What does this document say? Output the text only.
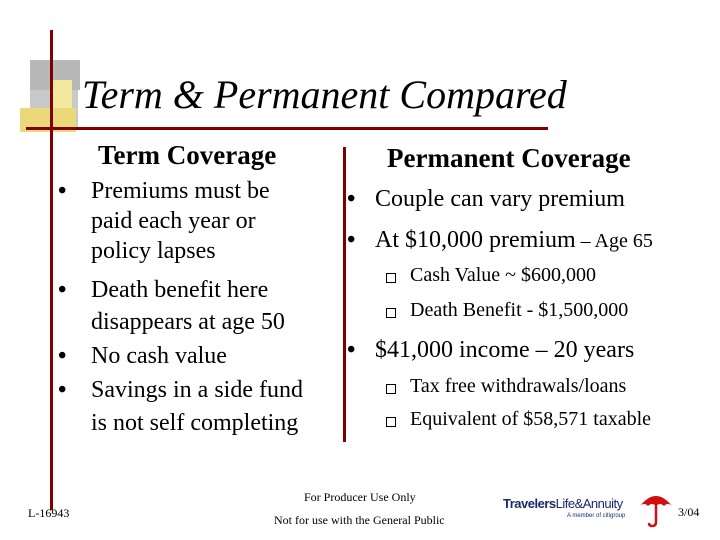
Term & Permanent Compared
Term Coverage
•	Premiums must be
paid each year or
policy lapses
•	Death benefit here
disappears at age 50
•	No cash value
•	Savings in a side fund
is not self completing
Permanent Coverage
• Couple can vary premium
• At $10,000 premium – Age 65
Cash Value ~ $600,000
Death Benefit - $1,500,000
• $41,000 income – 20 years
Tax free withdrawals/loans
Equivalent of $58,571 taxable
L-16943
For Producer Use Only
Not for use with the General Public
TravelersLife&Annuity
A member of citigroup	3/04
